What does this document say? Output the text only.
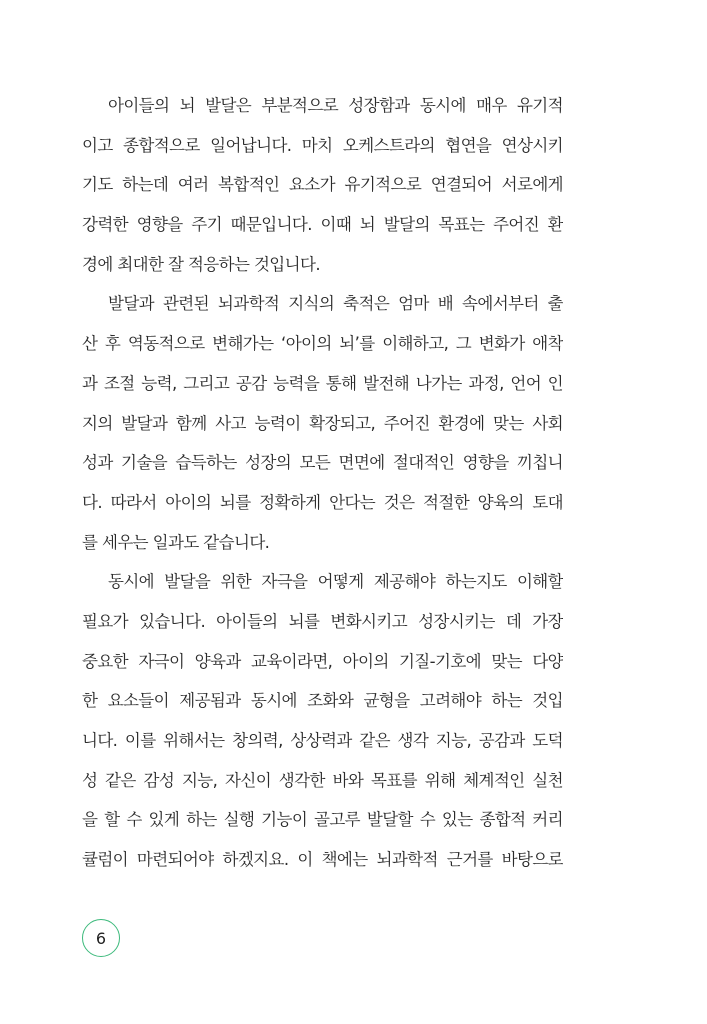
아이들의 뇌 발달은 부분적으로 성장함과 동시에 매우 유기적
이고 종합적으로 일어납니다. 마치 오케스트라의 협연을 연상시키
기도 하는데 여러 복합적인 요소가 유기적으로 연결되어 서로에게
강력한 영향을 주기 때문입니다. 이때 뇌 발달의 목표는 주어진 환
경에 최대한 잘 적응하는 것입니다.
발달과 관련된 뇌과학적 지식의 축적은 엄마 배 속에서부터 출
산 후 역동적으로 변해가는 ‘아이의 뇌’를 이해하고, 그 변화가 애착
과 조절 능력, 그리고 공감 능력을 통해 발전해 나가는 과정, 언어 인
지의 발달과 함께 사고 능력이 확장되고, 주어진 환경에 맞는 사회
성과 기술을 습득하는 성장의 모든 면면에 절대적인 영향을 끼칩니
다. 따라서 아이의 뇌를 정확하게 안다는 것은 적절한 양육의 토대
를 세우는 일과도 같습니다.
동시에 발달을 위한 자극을 어떻게 제공해야 하는지도 이해할
필요가 있습니다. 아이들의 뇌를 변화시키고 성장시키는 데 가장
중요한 자극이 양육과 교육이라면, 아이의 기질-기호에 맞는 다양
한 요소들이 제공됨과 동시에 조화와 균형을 고려해야 하는 것입
니다. 이를 위해서는 창의력, 상상력과 같은 생각 지능, 공감과 도덕
성 같은 감성 지능, 자신이 생각한 바와 목표를 위해 체계적인 실천
을 할 수 있게 하는 실행 기능이 골고루 발달할 수 있는 종합적 커리
큘럼이 마련되어야 하겠지요. 이 책에는 뇌과학적 근거를 바탕으로
6
